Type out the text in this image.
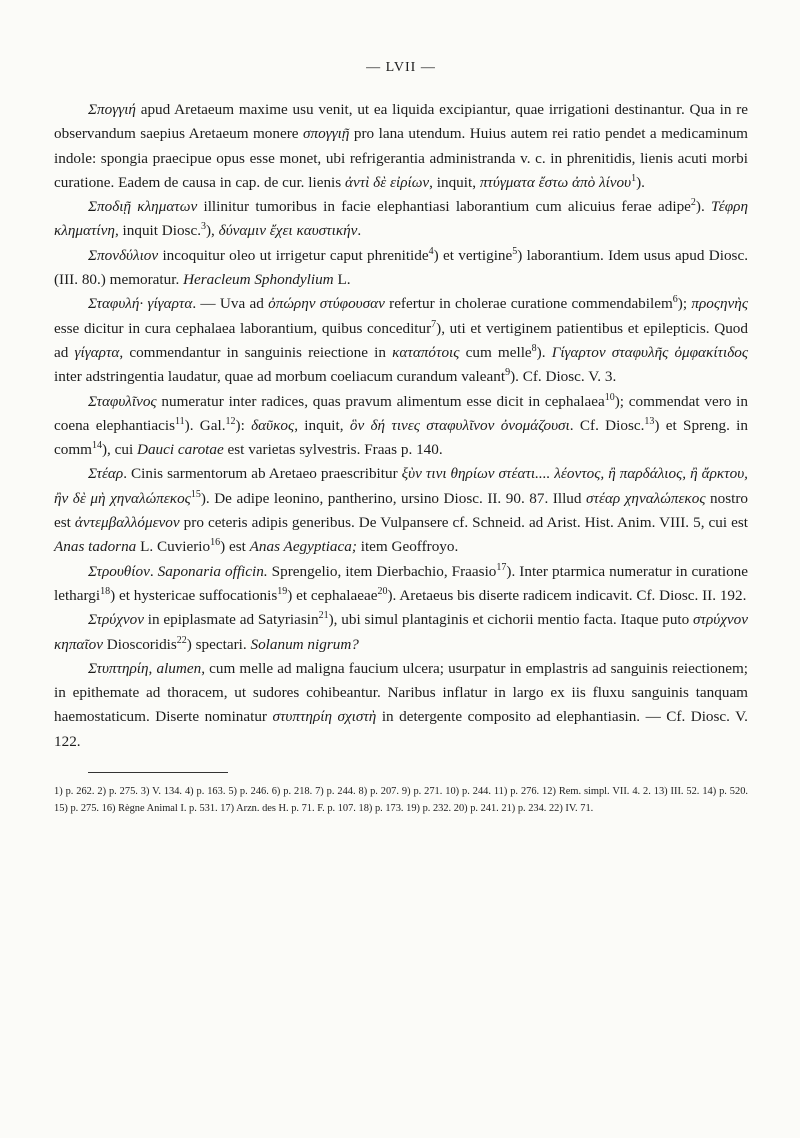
— LVII —

Σπογγιή apud Aretaeum maxime usu venit, ut ea liquida excipiantur, quae irrigationi destinantur. Qua in re observandum saepius Aretaeum monere σπογγιῇ pro lana utendum. Huius autem rei ratio pendet a medicaminum indole: spongia praecipue opus esse monet, ubi refrigerantia administranda v. c. in phrenitidis, lienis acuti morbi curatione. Eadem de causa in cap. de cur. lienis ἀντὶ δὲ εἰρίων, inquit, πτύγματα ἔστω ἀπὸ λίνου$^1$).

Σποδιῇ κληματων illinitur tumoribus in facie elephantiasi laborantium cum alicuius ferae adipe$^2$). Τέφρη κληματίνη, inquit Diosc.$^3$), δύναμιν ἔχει καυστικήν.

Σπονδύλιον incoquitur oleo ut irrigetur caput phrenitide$^4$) et vertigine$^5$) laborantium. Idem usus apud Diosc. (III. 80.) memoratur. Heracleum Sphondylium L.

Σταφυλή· γίγαρτα. — Uva ad ὀπώρην στύφουσαν refertur in cholerae curatione commendabilem$^6$); προςηνὴς esse dicitur in cura cephalaea laborantium, quibus conceditur$^7$), uti et vertiginem patientibus et epilepticis. Quod ad γίγαρτα, commendantur in sanguinis reiectione in καταπότοις cum melle$^8$). Γίγαρτον σταφυλῆς ὀμφακίτιδος inter adstringentia laudatur, quae ad morbum coeliacum curandum valeant$^9$). Cf. Diosc. V. 3.

Σταφυλῖνος numeratur inter radices, quas pravum alimentum esse dicit in cephalaea$^{10}$); commendat vero in coena elephantiacis$^{11}$). Gal.$^{12}$): δαῦκος, inquit, ὃν δή τινες σταφυλῖνον ὀνομάζουσι. Cf. Diosc.$^{13}$) et Spreng. in comm$^{14}$), cui Dauci carotae est varietas sylvestris. Fraas p. 140.

Στέαρ. Cinis sarmentorum ab Aretaeo praescribitur ξὺν τινι θηρίων στέατι.... λέοντος, ἢ παρδάλιος, ἢ ἄρκτου, ἢν δὲ μὴ χηναλώπεκος$^{15}$). De adipe leonino, pantherino, ursino Diosc. II. 90. 87. Illud στέαρ χηναλώπεκος nostro est ἀντεμβαλλόμενον pro ceteris adipis generibus. De Vulpansere cf. Schneid. ad Arist. Hist. Anim. VIII. 5, cui est Anas tadorna L. Cuvierio$^{16}$) est Anas Aegyptiaca; item Geoffroyo.

Στρουθίον. Saponaria officin. Sprengelio, item Dierbachio, Fraasio$^{17}$). Inter ptarmica numeratur in curatione lethargi$^{18}$) et hystericae suffocationis$^{19}$) et cephalaeae$^{20}$). Aretaeus bis diserte radicem indicavit. Cf. Diosc. II. 192.

Στρύχνον in epiplasmate ad Satyriasin$^{21}$), ubi simul plantaginis et cichorii mentio facta. Itaque puto στρύχνον κηπαῖον Dioscoridis$^{22}$) spectari. Solanum nigrum?

Στυπτηρίη, alumen, cum melle ad maligna faucium ulcera; usurpatur in emplastris ad sanguinis reiectionem; in epithemate ad thoracem, ut sudores cohibeantur. Naribus inflatur in largo ex iis fluxu sanguinis tanquam haemostaticum. Diserte nominatur στυπτηρίη σχιστὴ in detergente composito ad elephantiasin. — Cf. Diosc. V. 122.

1) p. 262. 2) p. 275. 3) V. 134. 4) p. 163. 5) p. 246. 6) p. 218. 7) p. 244. 8) p. 207. 9) p. 271. 10) p. 244. 11) p. 276. 12) Rem. simpl. VII. 4. 2. 13) III. 52. 14) p. 520. 15) p. 275. 16) Règne Animal I. p. 531. 17) Arzn. des H. p. 71. F. p. 107. 18) p. 173. 19) p. 232. 20) p. 241. 21) p. 234. 22) IV. 71.
